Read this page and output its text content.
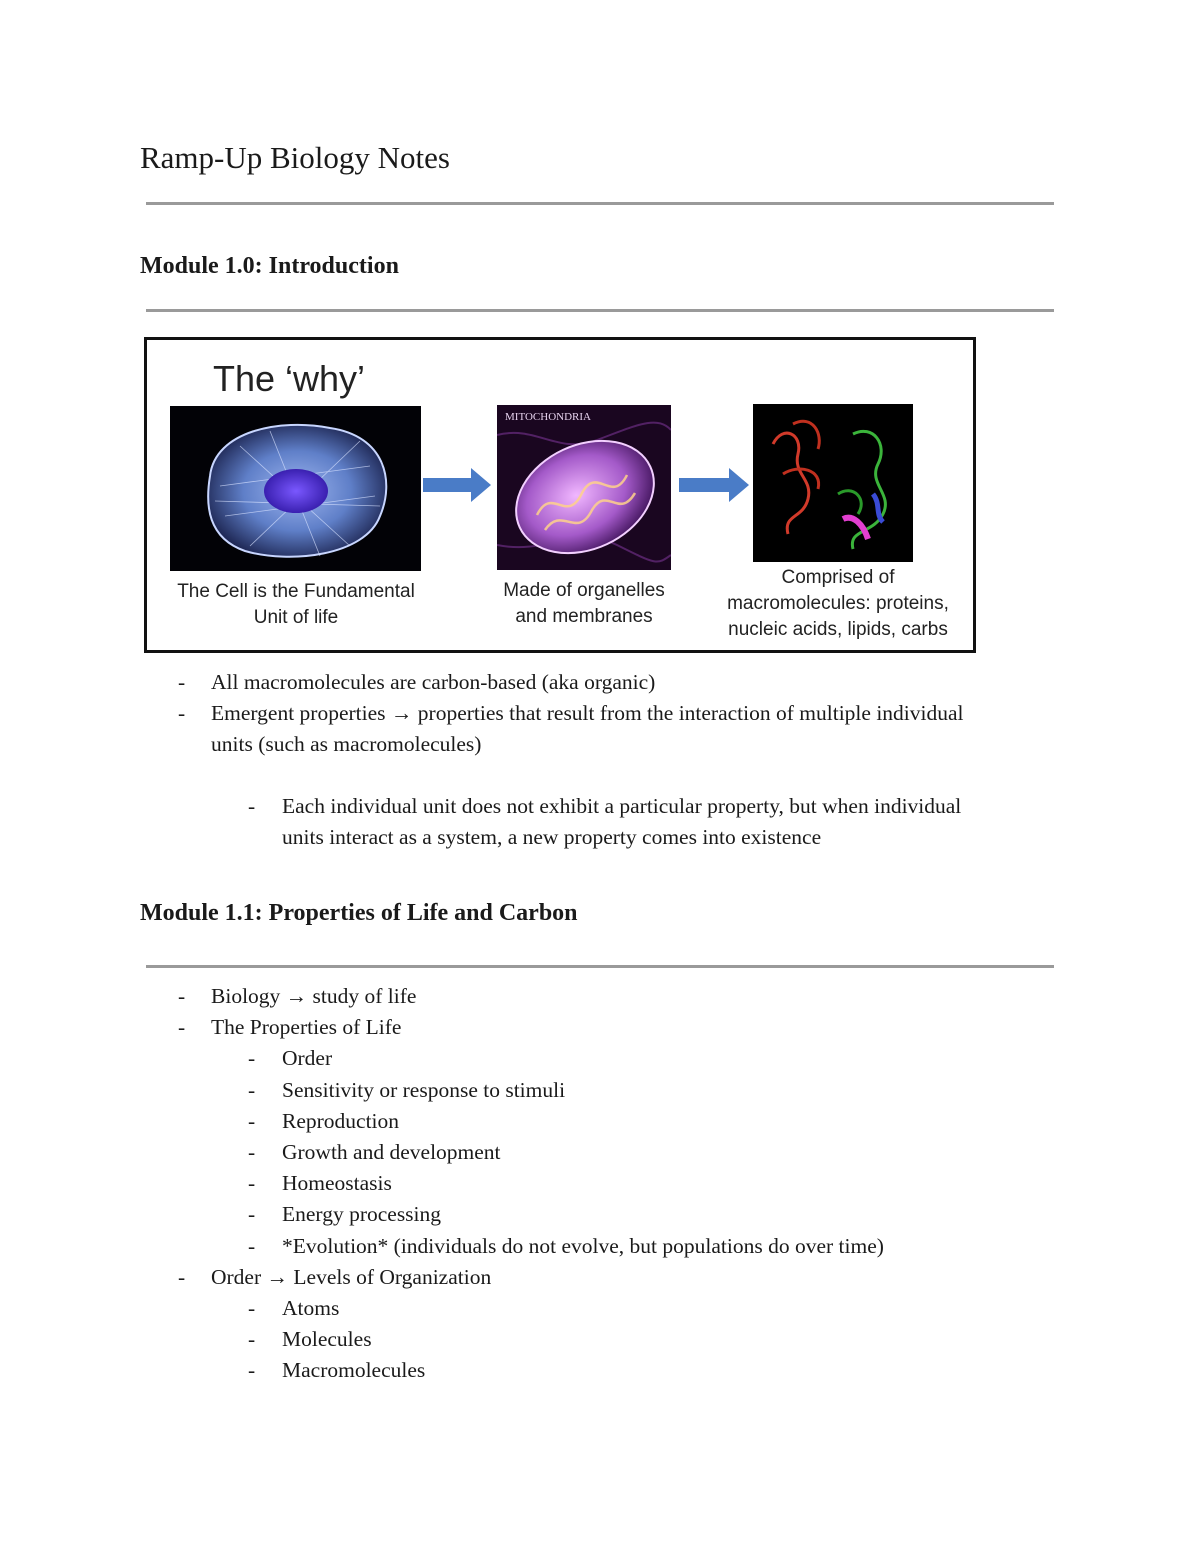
Ramp-Up Biology Notes
Module 1.0: Introduction
The ‘why’
The Cell is the Fundamental
Unit of life
MITOCHONDRIA
Made of organelles
and membranes
Comprised of
macromolecules: proteins,
nucleic acids, lipids, carbs
- All macromolecules are carbon-based (aka organic)
- Emergent properties → properties that result from the interaction of multiple individual
units (such as macromolecules)
- Each individual unit does not exhibit a particular property, but when individual
units interact as a system, a new property comes into existence
Module 1.1: Properties of Life and Carbon
- Biology → study of life
- The Properties of Life
- Order
- Sensitivity or response to stimuli
- Reproduction
- Growth and development
- Homeostasis
- Energy processing
- *Evolution* (individuals do not evolve, but populations do over time)
- Order → Levels of Organization
- Atoms
- Molecules
- Macromolecules
